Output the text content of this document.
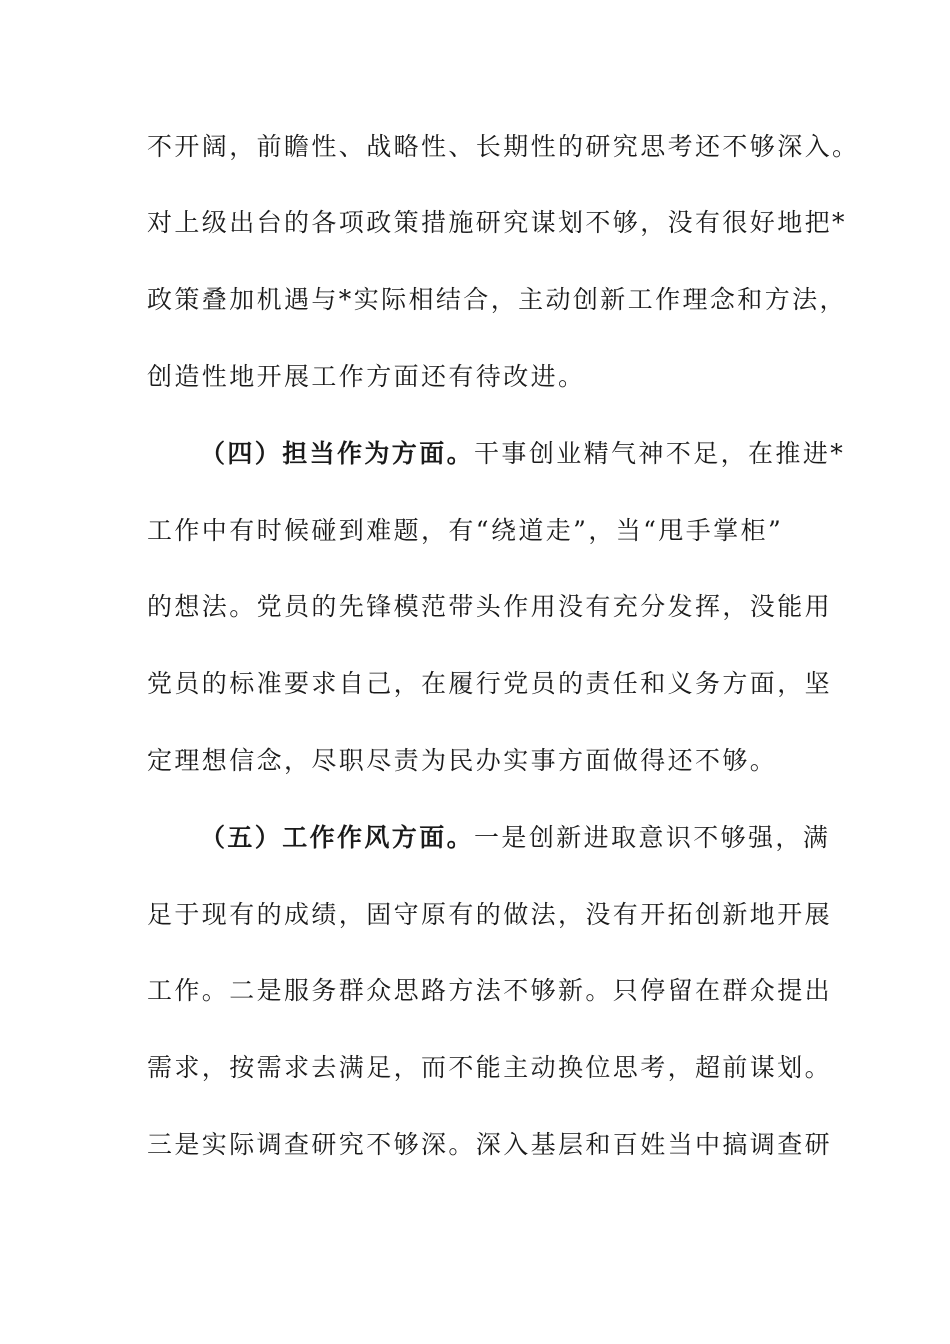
不开阔，前瞻性、战略性、长期性的研究思考还不够深入。
对上级出台的各项政策措施研究谋划不够，没有很好地把*
政策叠加机遇与*实际相结合，主动创新工作理念和方法，
创造性地开展工作方面还有待改进。
（四）担当作为方面。干事创业精气神不足，在推进*
工作中有时候碰到难题，有“绕道走”，当“甩手掌柜”
的想法。党员的先锋模范带头作用没有充分发挥，没能用
党员的标准要求自己，在履行党员的责任和义务方面，坚
定理想信念，尽职尽责为民办实事方面做得还不够。
（五）工作作风方面。一是创新进取意识不够强，满
足于现有的成绩，固守原有的做法，没有开拓创新地开展
工作。二是服务群众思路方法不够新。只停留在群众提出
需求，按需求去满足，而不能主动换位思考，超前谋划。
三是实际调查研究不够深。深入基层和百姓当中搞调查研
